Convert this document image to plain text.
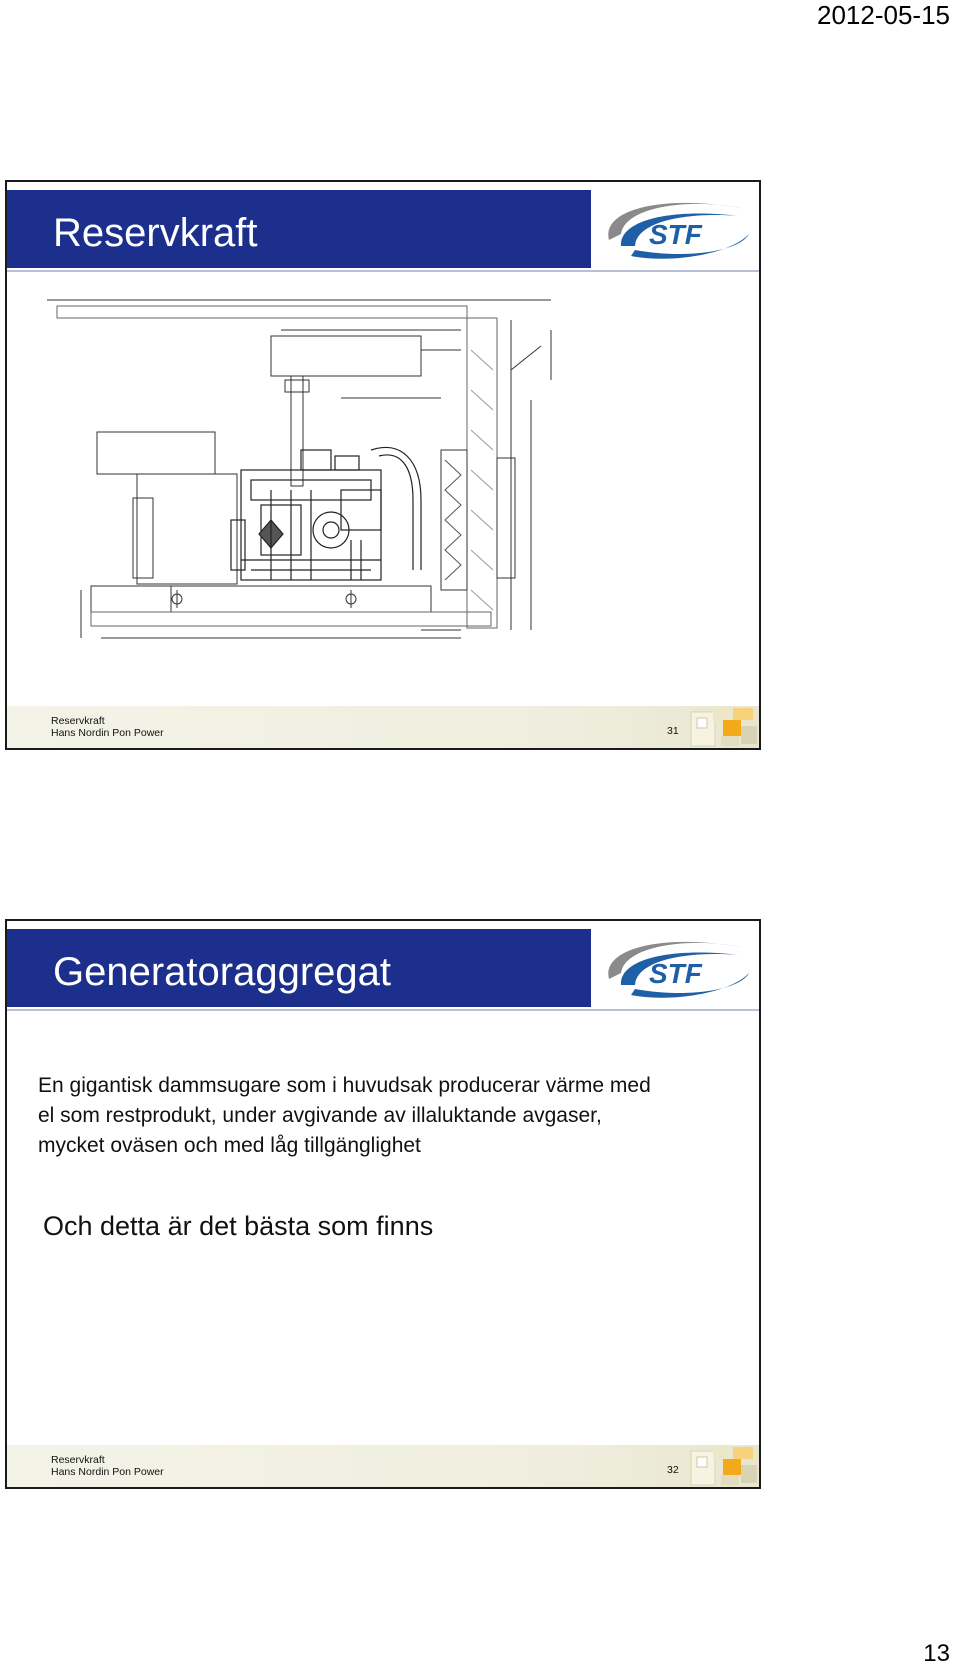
2012-05-15
Reservkraft	STF
Reservkraft
Hans Nordin Pon Power	31
Generatoraggregat	STF
En gigantisk dammsugare som i huvudsak producerar värme med el som restprodukt, under avgivande av illaluktande avgaser, mycket oväsen och med låg tillgänglighet
Och detta är det bästa som finns
Reservkraft
Hans Nordin Pon Power	32
13
